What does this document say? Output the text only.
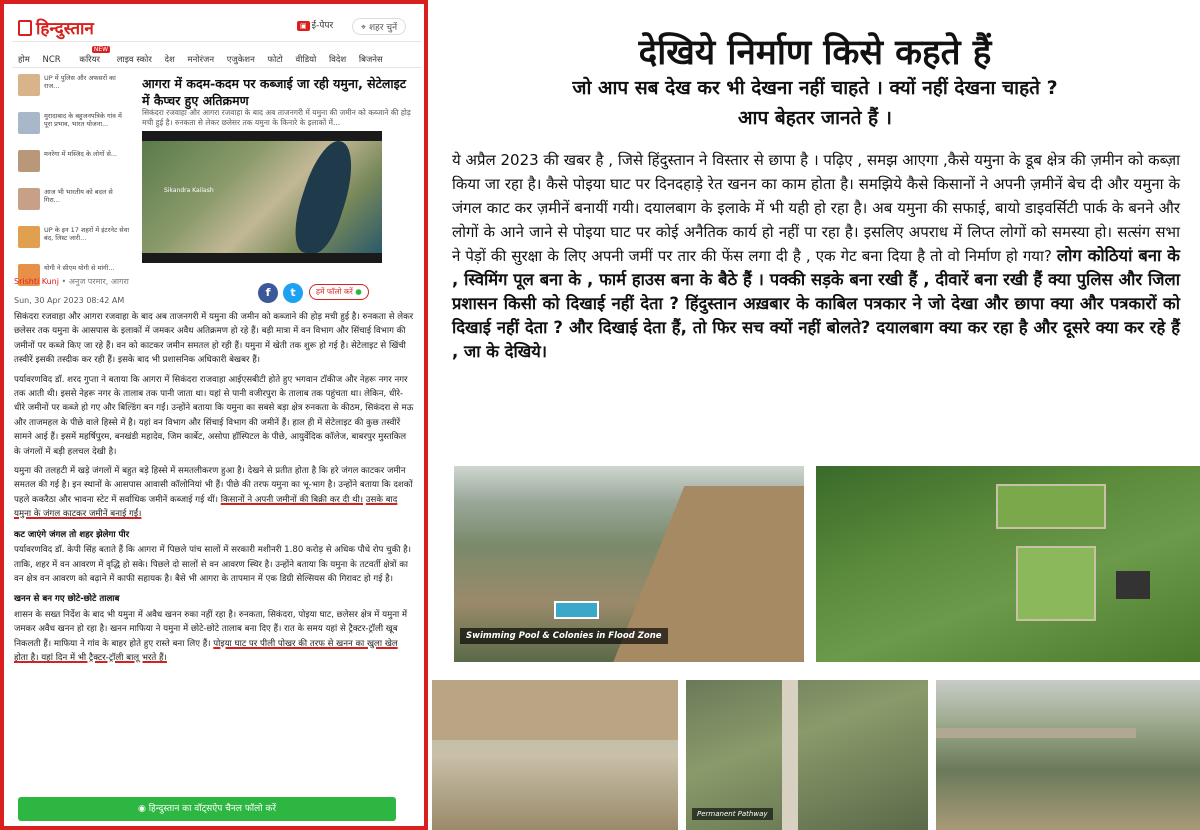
हिन्दुस्तान	▣ ई-पेपर	⌖ शहर चुनें
होम NCR करियर
NEW
लाइव स्कोर देश मनोरंजन एजुकेशन फोटो वीडियो विदेश बिजनेस
UP में पुलिस और अफसरों का राज...
मुरादाबाद के बहुजनपत्रिके गांव में पूरा प्रभाव, भारत योजना...
मनरेगा में मस्जिद के लोगों से...
आज भी भारतीय को बदल से गिरा...
UP के इन 17 शहरों में इंटरनेट सेवा बंद, लिस्ट जारी...
योगी ने सीएम योगी से मांगी...
आगरा में कदम-कदम पर कब्जाई जा रही यमुना, सेटेलाइट में कैप्चर हुए अतिक्रमण
सिकंदरा रजवाहा और आगरा रजवाहा के बाद अब ताजनगरी में यमुना की जमीन को कब्जाने की होड़ मची हुई है। रुनकता से लेकर छलेसर तक यमुना के किनारे के इलाकों में...
Sikandra Kailash
Srishti Kunj • अनुज परमार, आगरा
Sun, 30 Apr 2023 08:42 AM
f t	हमें फॉलो करें ●

सिकंदरा रजवाहा और आगरा रजवाहा के बाद अब ताजनगरी में यमुना की जमीन को कब्जाने की होड़ मची हुई है। रुनकता से लेकर छलेसर तक यमुना के आसपास के इलाकों में जमकर अवैध अतिक्रमण हो रहे हैं। बड़ी मात्रा में वन विभाग और सिंचाई विभाग की जमीनों पर कब्जे किए जा रहे हैं। वन को काटकर जमीन समतल हो रही हैं। यमुना में खेती तक शुरू हो गई है। सेटेलाइट से खिंची तस्वीरें इसकी तस्दीक कर रही हैं। इसके बाद भी प्रशासनिक अधिकारी बेखबर हैं।

पर्यावरणविद डॉ. शरद गुप्ता ने बताया कि आगरा में सिकंदरा राजवाहा आईएसबीटी होते हुए भगवान टॉकीज और नेहरू नगर नगर तक आती थी। इससे नेहरू नगर के तालाब तक पानी जाता था। यहां से पानी वजीरपुरा के तालाब तक पहुंचता था। लेकिन, धीरे-धीरे जमीनों पर कब्जे हो गए और बिल्डिंग बन गईं। उन्होंने बताया कि यमुना का सबसे बड़ा क्षेत्र रुनकता के कीठम, सिकंदरा से मऊ और ताजमहल के पीछे वाले हिस्से में है। यहां वन विभाग और सिंचाई विभाग की जमीनें हैं। हाल ही में सेटेलाइट की कुछ तस्वीरें सामने आई हैं। इसमें महर्षिपुरम, बनखंडी महादेव, जिम कार्बेट, असोपा हॉस्पिटल के पीछे, आयुर्वेदिक कॉलेज, बाबरपुर मुस्तकिल के जंगलों में बड़ी हलचल देखी है।

यमुना की तलहटी में खड़े जंगलों में बहुत बड़े हिस्से में समतलीकरण हुआ है। देखने से प्रतीत होता है कि हरे जंगल काटकर जमीन समतल की गई है। इन स्थानों के आसपास आवासी कॉलोनियां भी हैं। पीछे की तरफ यमुना का भू-भाग है। उन्होंने बताया कि दशकों पहले ककरैठा और भावना स्टेट में सर्वाधिक जमीनें कब्जाई गई थीं। किसानों ने अपनी जमीनों की बिक्री कर दी थी। उसके बाद यमुना के जंगल काटकर जमीनें बनाई गईं।

कट जाएंगे जंगल तो शहर झेलेगा पीर

पर्यावरणविद डॉ. केपी सिंह बताते हैं कि आगरा में पिछले पांच सालों में सरकारी मशीनरी 1.80 करोड़ से अधिक पौधे रोप चुकी है। ताकि, शहर में वन आवरण में वृद्धि हो सके। पिछले दो सालों से वन आवरण स्थिर है। उन्होंने बताया कि यमुना के तटवर्ती क्षेत्रों का वन क्षेत्र वन आवरण को बढ़ाने में काफी सहायक है। बैसे भी आगरा के तापमान में एक डिग्री सेल्सियस की गिरावट हो गई है।

खनन से बन गए छोटे-छोटे तालाब

शासन के सख्त निर्देश के बाद भी यमुना में अवैध खनन रुका नहीं रहा है। रुनकता, सिकंदरा, पोइया घाट, छलेसर क्षेत्र में यमुना में जमकर अवैध खनन हो रहा है। खनन माफिया ने यमुना में छोटे-छोटे तालाब बना दिए हैं। रात के समय यहां से ट्रैक्टर-ट्रॉली खूब निकलती हैं। माफिया ने गांव के बाहर होते हुए रास्ते बना लिए हैं। पोइया घाट पर पीली पोखर की तरफ से खनन का खुला खेल होता है। यहां दिन में भी ट्रैक्टर-ट्रॉली बालू भरते हैं।

◉ हिन्दुस्तान का वॉट्सऐप चैनल फॉलो करें
देखिये निर्माण किसे कहते हैं
जो आप सब देख कर भी देखना नहीं चाहते । क्यों नहीं देखना चाहते ?
आप बेहतर जानते हैं ।
ये अप्रैल 2023 की खबर है , जिसे हिंदुस्तान ने विस्तार से छापा है । पढ़िए , समझ आएगा ,कैसे यमुना के डूब क्षेत्र की ज़मीन को कब्ज़ा किया जा रहा है। कैसे पोइया घाट पर दिनदहाड़े रेत खनन का काम होता है। समझिये कैसे किसानों ने अपनी ज़मीनें बेच दी और यमुना के जंगल काट कर ज़मीनें बनायीं गयी। दयालबाग के इलाके में भी यही हो रहा है। अब यमुना की सफाई, बायो डाइवर्सिटी पार्क के बनने और लोगों के आने जाने से पोइया घाट पर कोई अनैतिक कार्य हो नहीं पा रहा है। इसलिए अपराध में लिप्त लोगों को समस्या हो। सत्संग सभा ने पेड़ों की सुरक्षा के लिए अपनी जमीं पर तार की फेंस लगा दी है , एक गेट बना दिया है तो वो निर्माण हो गया? लोग कोठियां बना के , स्विमिंग पूल बना के , फार्म हाउस बना के बैठे हैं । पक्की सड़के बना रखी हैं , दीवारें बना रखी हैं क्या पुलिस और जिला प्रशासन किसी को दिखाई नहीं देता ? हिंदुस्तान अख़बार के काबिल पत्रकार ने जो देखा और छापा क्या और पत्रकारों को दिखाई नहीं देता ? और दिखाई देता हैं, तो फिर सच क्यों नहीं बोलते? दयालबाग क्या कर रहा है और दूसरे क्या कर रहे हैं , जा के देखिये।
Swimming Pool & Colonies in Flood Zone
Permanent Pathway
